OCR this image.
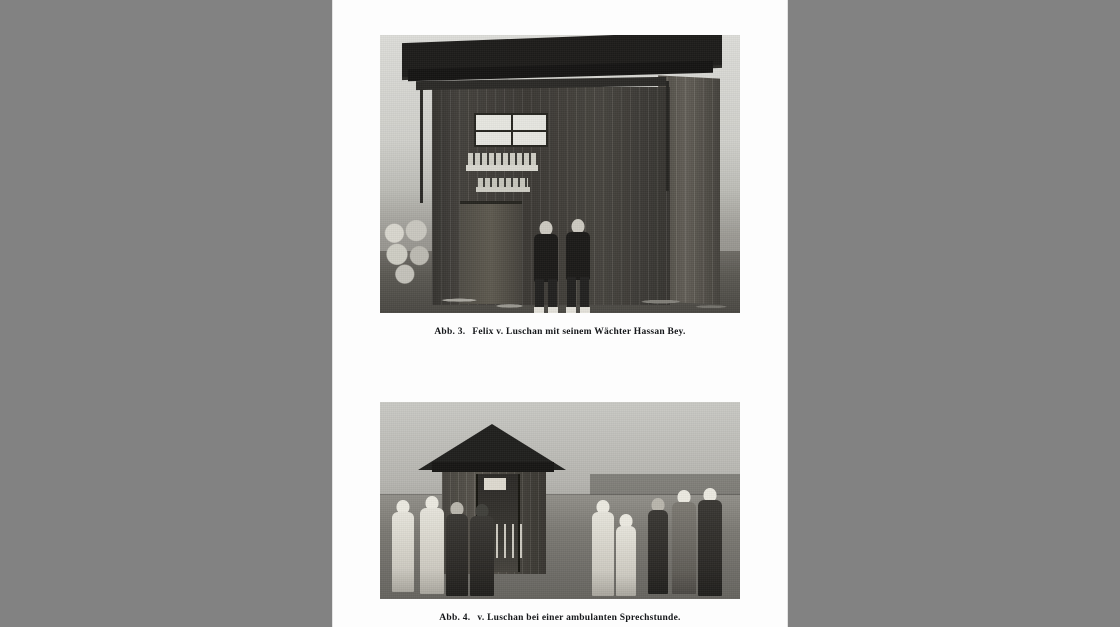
Abb. 3. Felix v. Luschan mit seinem Wächter Hassan Bey.
Abb. 4. v. Luschan bei einer ambulanten Sprechstunde.
